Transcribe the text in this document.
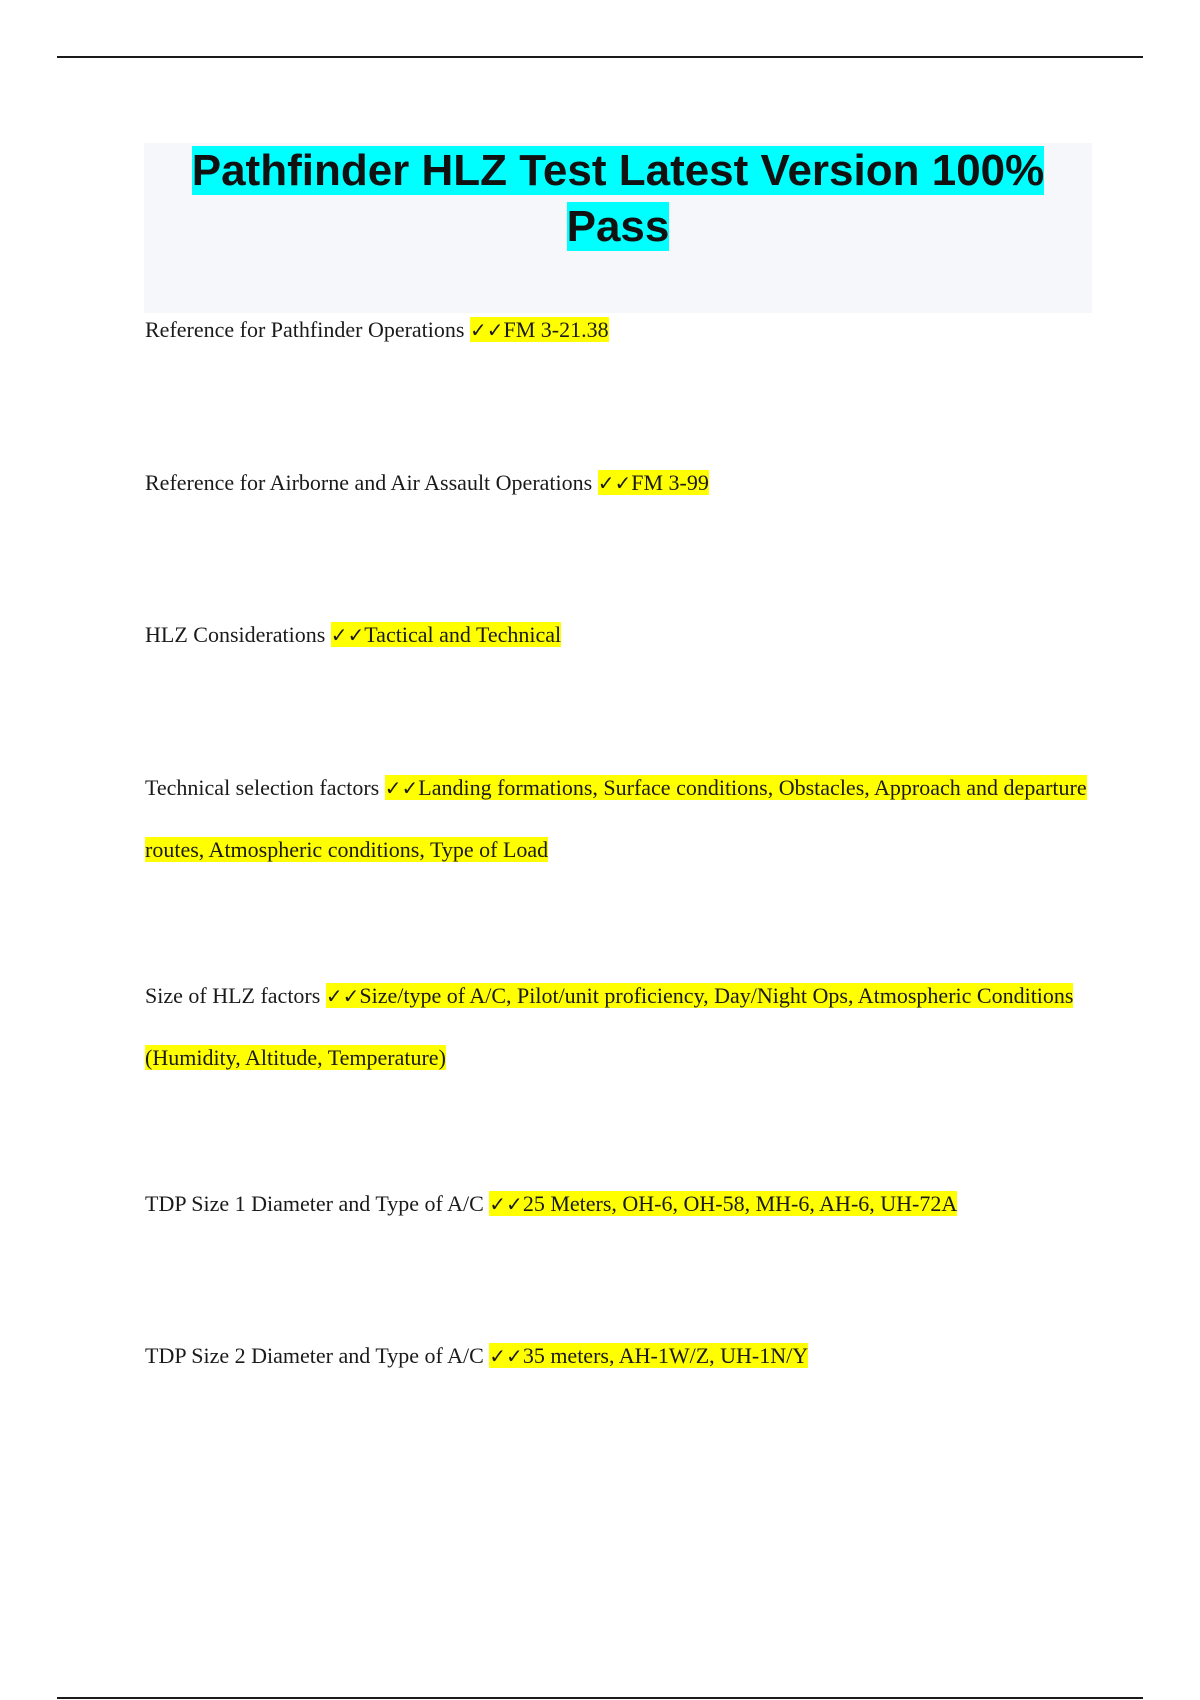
Pathfinder HLZ Test Latest Version 100% Pass

Reference for Pathfinder Operations ✓✓FM 3-21.38

Reference for Airborne and Air Assault Operations ✓✓FM 3-99

HLZ Considerations ✓✓Tactical and Technical

Technical selection factors ✓✓Landing formations, Surface conditions, Obstacles, Approach and departure routes, Atmospheric conditions, Type of Load

Size of HLZ factors ✓✓Size/type of A/C, Pilot/unit proficiency, Day/Night Ops, Atmospheric Conditions (Humidity, Altitude, Temperature)

TDP Size 1 Diameter and Type of A/C ✓✓25 Meters, OH-6, OH-58, MH-6, AH-6, UH-72A

TDP Size 2 Diameter and Type of A/C ✓✓35 meters, AH-1W/Z, UH-1N/Y
